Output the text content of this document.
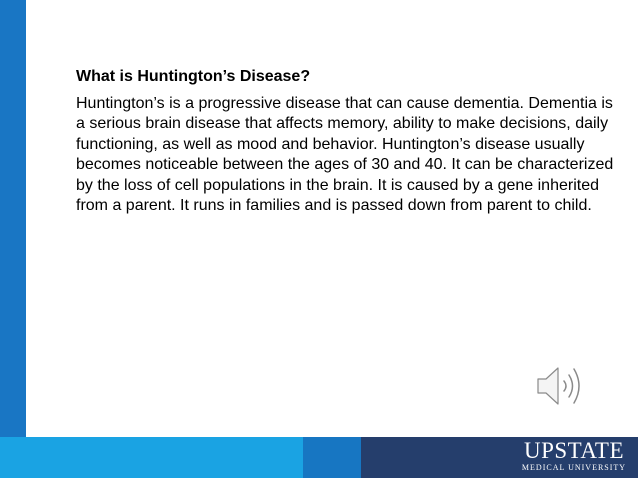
What is Huntington’s Disease?

Huntington’s is a progressive disease that can cause dementia. Dementia is a serious brain disease that affects memory, ability to make decisions, daily functioning, as well as mood and behavior. Huntington’s disease usually becomes noticeable between the ages of 30 and 40. It can be characterized by the loss of cell populations in the brain. It is caused by a gene inherited from a parent. It runs in families and is passed down from parent to child.

UPSTATE
MEDICAL UNIVERSITY
